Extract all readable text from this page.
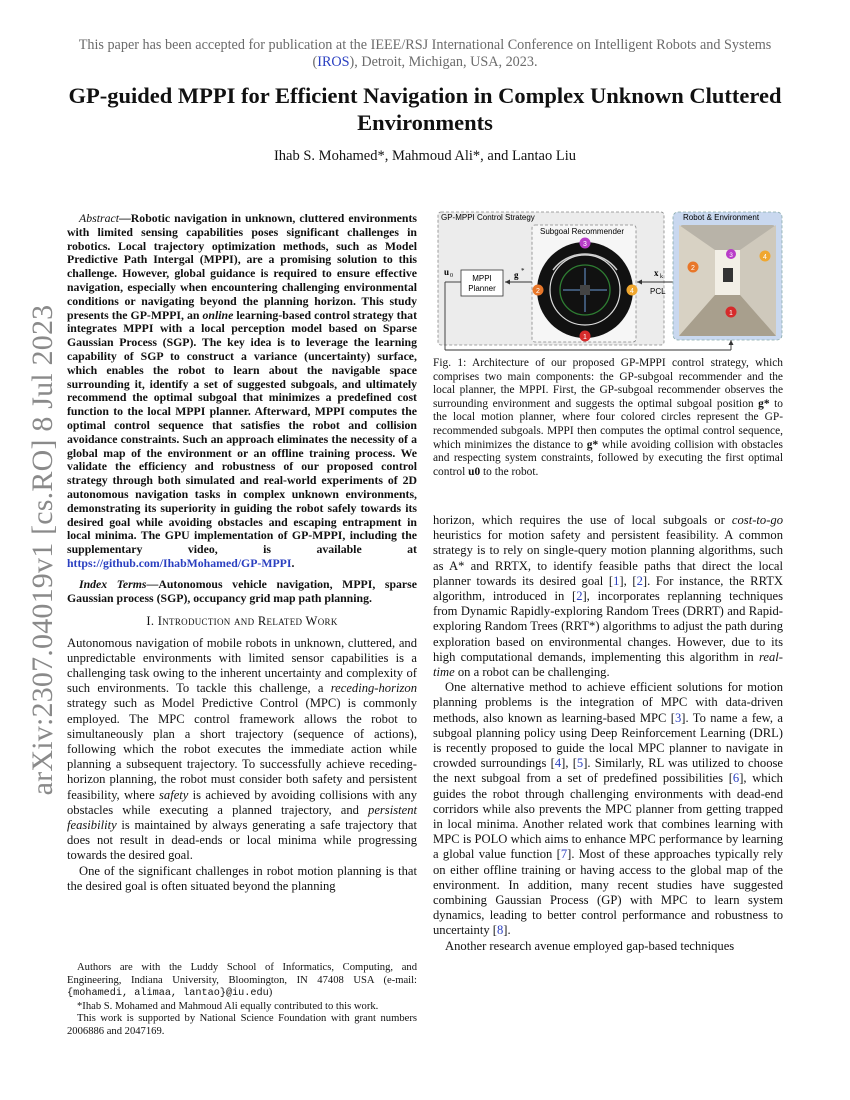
This paper has been accepted for publication at the IEEE/RSJ International Conference on Intelligent Robots and Systems (IROS), Detroit, Michigan, USA, 2023.
GP-guided MPPI for Efficient Navigation in Complex Unknown Cluttered Environments
Ihab S. Mohamed*, Mahmoud Ali*, and Lantao Liu
arXiv:2307.04019v1 [cs.RO] 8 Jul 2023

Abstract—Robotic navigation in unknown, cluttered environments with limited sensing capabilities poses significant challenges in robotics. Local trajectory optimization methods, such as Model Predictive Path Intergal (MPPI), are a promising solution to this challenge. However, global guidance is required to ensure effective navigation, especially when encountering challenging environmental conditions or navigating beyond the planning horizon. This study presents the GP-MPPI, an online learning-based control strategy that integrates MPPI with a local perception model based on Sparse Gaussian Process (SGP). The key idea is to leverage the learning capability of SGP to construct a variance (uncertainty) surface, which enables the robot to learn about the navigable space surrounding it, identify a set of suggested subgoals, and ultimately recommend the optimal subgoal that minimizes a predefined cost function to the local MPPI planner. Afterward, MPPI computes the optimal control sequence that satisfies the robot and collision avoidance constraints. Such an approach eliminates the necessity of a global map of the environment or an offline training process. We validate the efficiency and robustness of our proposed control strategy through both simulated and real-world experiments of 2D autonomous navigation tasks in complex unknown environments, demonstrating its superiority in guiding the robot safely towards its desired goal while avoiding obstacles and escaping entrapment in local minima. The GPU implementation of GP-MPPI, including the supplementary video, is available at https://github.com/IhabMohamed/GP-MPPI.

Index Terms—Autonomous vehicle navigation, MPPI, sparse Gaussian process (SGP), occupancy grid map path planning.

I. Introduction and Related Work

Autonomous navigation of mobile robots in unknown, cluttered, and unpredictable environments with limited sensor capabilities is a challenging task owing to the inherent uncertainty and complexity of such environments. To tackle this challenge, a receding-horizon strategy such as Model Predictive Control (MPC) is commonly employed. The MPC control framework allows the robot to simultaneously plan a short trajectory (sequence of actions), following which the robot executes the immediate action while planning a subsequent trajectory. To successfully achieve receding-horizon planning, the robot must consider both safety and persistent feasibility, where safety is achieved by avoiding collisions with any obstacles while executing a planned trajectory, and persistent feasibility is maintained by always generating a safe trajectory that does not result in dead-ends or local minima while progressing towards the desired goal.

One of the significant challenges in robot motion planning is that the desired goal is often situated beyond the planning

Authors are with the Luddy School of Informatics, Computing, and Engineering, Indiana University, Bloomington, IN 47408 USA (e-mail: {mohamedi, alimaa, lantao}@iu.edu)

*Ihab S. Mohamed and Mahmoud Ali equally contributed to this work.

This work is supported by National Science Foundation with grant numbers 2006886 and 2047169.

GP-MPPI Control Strategy
Subgoal Recommender
3
2	4
1
MPPI
Planner
g *
u 0	x k
PCL
Robot & Environment
2
3	4
1
Fig. 1: Architecture of our proposed GP-MPPI control strategy, which comprises two main components: the GP-subgoal recommender and the local planner, the MPPI. First, the GP-subgoal recommender observes the surrounding environment and suggests the optimal subgoal position g* to the local motion planner, where four colored circles represent the GP-recommended subgoals. MPPI then computes the optimal control sequence, which minimizes the distance to g* while avoiding collision with obstacles and respecting system constraints, followed by executing the first optimal control u0 to the robot.

horizon, which requires the use of local subgoals or cost-to-go heuristics for motion safety and persistent feasibility. A common strategy is to rely on single-query motion planning algorithms, such as A* and RRTX, to identify feasible paths that direct the local planner towards its desired goal [1], [2]. For instance, the RRTX algorithm, introduced in [2], incorporates replanning techniques from Dynamic Rapidly-exploring Random Trees (DRRT) and Rapid-exploring Random Trees (RRT*) algorithms to adjust the path during exploration based on environmental changes. However, due to its high computational demands, implementing this algorithm in real-time on a robot can be challenging.

One alternative method to achieve efficient solutions for motion planning problems is the integration of MPC with data-driven methods, also known as learning-based MPC [3]. To name a few, a subgoal planning policy using Deep Reinforcement Learning (DRL) is recently proposed to guide the local MPC planner to navigate in crowded surroundings [4], [5]. Similarly, RL was utilized to choose the next subgoal from a set of predefined possibilities [6], which guides the robot through challenging environments with dead-end corridors while also prevents the MPC planner from getting trapped in local minima. Another related work that combines learning with MPC is POLO which aims to enhance MPC performance by learning a global value function [7]. Most of these approaches typically rely on either offline training or having access to the global map of the environment. In addition, many recent studies have suggested combining Gaussian Process (GP) with MPC to learn system dynamics, leading to better control performance and robustness to uncertainty [8].

Another research avenue employed gap-based techniques
